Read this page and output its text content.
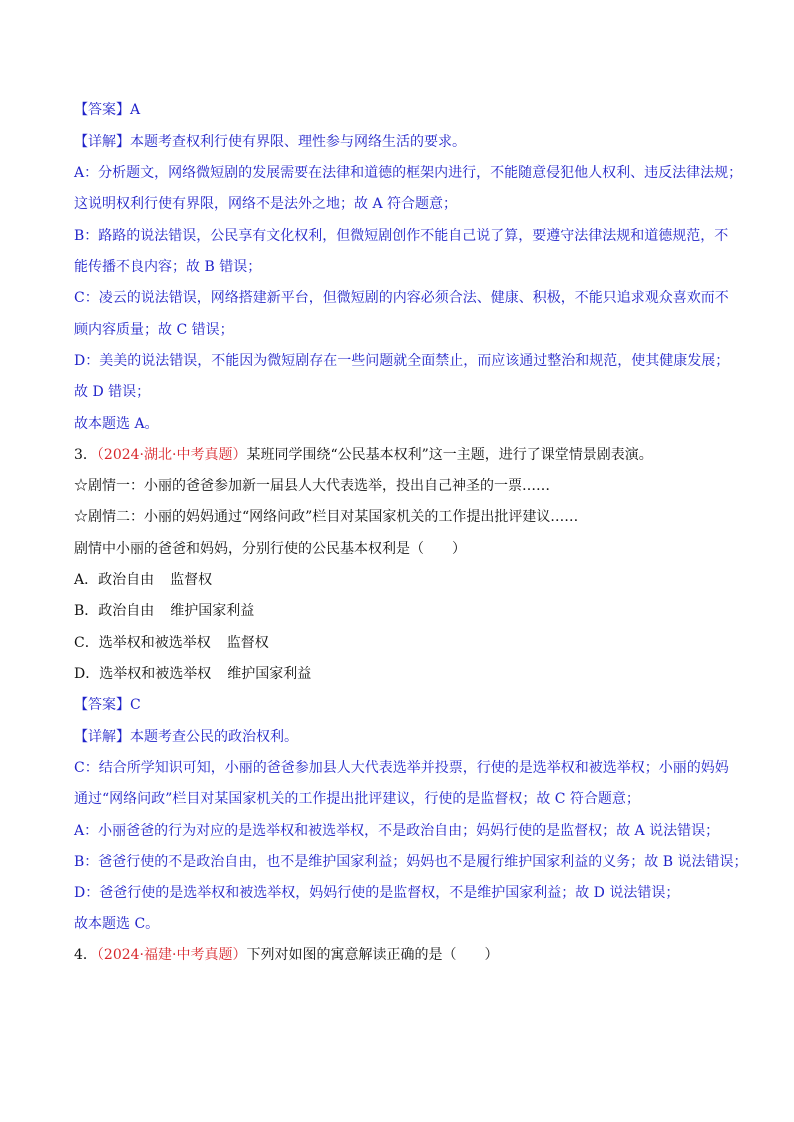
【答案】A
【详解】本题考查权利行使有界限、理性参与网络生活的要求。
A：分析题文，网络微短剧的发展需要在法律和道德的框架内进行，不能随意侵犯他人权利、违反法律法规；
这说明权利行使有界限，网络不是法外之地；故 A 符合题意；
B：路路的说法错误，公民享有文化权利，但微短剧创作不能自己说了算，要遵守法律法规和道德规范，不
能传播不良内容；故 B 错误；
C：凌云的说法错误，网络搭建新平台，但微短剧的内容必须合法、健康、积极，不能只追求观众喜欢而不
顾内容质量；故 C 错误；
D：美美的说法错误，不能因为微短剧存在一些问题就全面禁止，而应该通过整治和规范，使其健康发展；
故 D 错误；
故本题选 A。
3．（2024·湖北·中考真题）某班同学围绕“公民基本权利”这一主题，进行了课堂情景剧表演。
☆剧情一：小丽的爸爸参加新一届县人大代表选举，投出自己神圣的一票……
☆剧情二：小丽的妈妈通过“网络问政”栏目对某国家机关的工作提出批评建议……
剧情中小丽的爸爸和妈妈，分别行使的公民基本权利是（　　）
A．政治自由 监督权
B．政治自由 维护国家利益
C．选举权和被选举权 监督权
D．选举权和被选举权 维护国家利益
【答案】C
【详解】本题考查公民的政治权利。
C：结合所学知识可知，小丽的爸爸参加县人大代表选举并投票，行使的是选举权和被选举权；小丽的妈妈
通过“网络问政”栏目对某国家机关的工作提出批评建议，行使的是监督权；故 C 符合题意；
A：小丽爸爸的行为对应的是选举权和被选举权，不是政治自由；妈妈行使的是监督权；故 A 说法错误；
B：爸爸行使的不是政治自由，也不是维护国家利益；妈妈也不是履行维护国家利益的义务；故 B 说法错误；
D：爸爸行使的是选举权和被选举权，妈妈行使的是监督权，不是维护国家利益；故 D 说法错误；
故本题选 C。
4．（2024·福建·中考真题）下列对如图的寓意解读正确的是（　　）
